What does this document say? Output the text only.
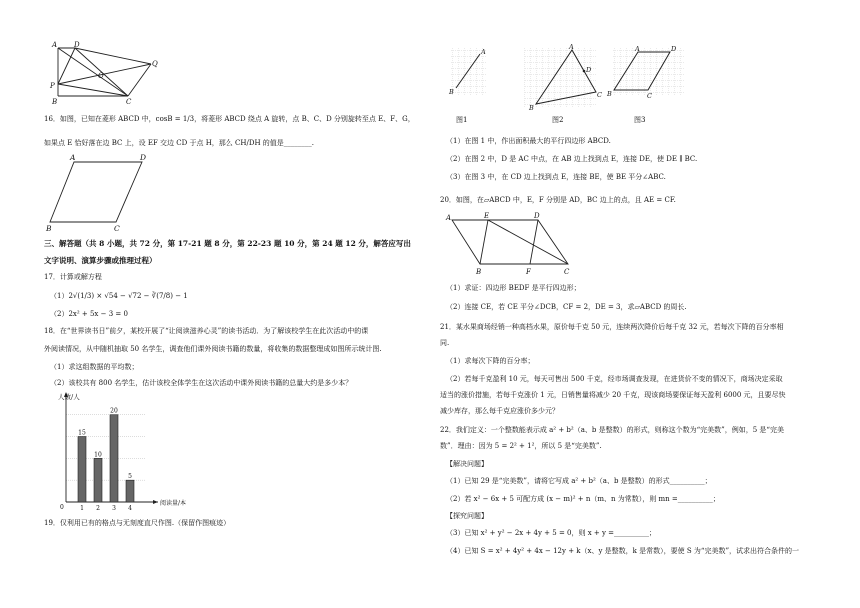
A D
Q
O
P
B	C
16．如图，已知在菱形 ABCD 中，cosB = 1/3，将菱形 ABCD 绕点 A 旋转，点 B、C、D 分别旋转至点 E、F、G，
如果点 E 恰好落在边 BC 上，设 EF 交边 CD 于点 H，那么 CH/DH 的值是________.
A	D
B	C
三、解答题（共 8 小题，共 72 分，第 17-21 题 8 分，第 22-23 题 10 分，第 24 题 12 分，解答应写出
文字说明、演算步骤或推理过程）
17．计算或解方程
（1）2√(1/3) × √54 − √72 − ∛(7/8) − 1
（2）2x² + 5x − 3 = 0
18．在“世界读书日”前夕，某校开展了“让阅读滋养心灵”的读书活动．为了解该校学生在此次活动中的课
外阅读情况，从中随机抽取 50 名学生，调查他们课外阅读书籍的数量，将收集的数据整理成如图所示统计图.
（1）求这组数据的平均数；
（2）该校共有 800 名学生，估计该校全体学生在这次活动中课外阅读书籍的总量大约是多少本？
人数/人
阅读量/本
0
15
1
10
2
20
3
5
4
19．仅利用已有的格点与无刻度直尺作图.（保留作图痕迹）
A
B
A
B
C
D
A
B	C
D
图1	图2	图3
（1）在图 1 中，作出面积最大的平行四边形 ABCD.
（2）在图 2 中，D 是 AC 中点，在 AB 边上找到点 E，连接 DE，使 DE ∥ BC.
（3）在图 3 中，在 CD 边上找到点 E，连接 BE，使 BE 平分∠ABC.
20．如图，在▱ABCD 中，E，F 分别是 AD，BC 边上的点，且 AE = CF.
A	E	D
B	F	C
（1）求证：四边形 BEDF 是平行四边形；
（2）连接 CE，若 CE 平分∠DCB，CF = 2，DE = 3，求▱ABCD 的周长.
21．某水果商场经销一种高档水果，原价每千克 50 元，连续两次降价后每千克 32 元，若每次下降的百分率相
同.
（1）求每次下降的百分率；
（2）若每千克盈利 10 元，每天可售出 500 千克，经市场调查发现，在进货价不变的情况下，商场决定采取
适当的涨价措施，若每千克涨价 1 元，日销售量将减少 20 千克，现该商场要保证每天盈利 6000 元，且要尽快
减少库存，那么每千克应涨价多少元？
22．我们定义：一个整数能表示成 a² + b²（a、b 是整数）的形式，则称这个数为“完美数”，例如，5 是“完美
数”．理由：因为 5 = 2² + 1²，所以 5 是“完美数”.
【解决问题】
（1）已知 29 是“完美数”，请将它写成 a² + b²（a、b 是整数）的形式__________；
（2）若 x² − 6x + 5 可配方成 (x − m)² + n（m、n 为常数），则 mn =__________；
【探究问题】
（3）已知 x² + y² − 2x + 4y + 5 = 0，则 x + y =__________；
（4）已知 S = x² + 4y² + 4x − 12y + k（x、y 是整数，k 是常数），要使 S 为“完美数”，试求出符合条件的一
